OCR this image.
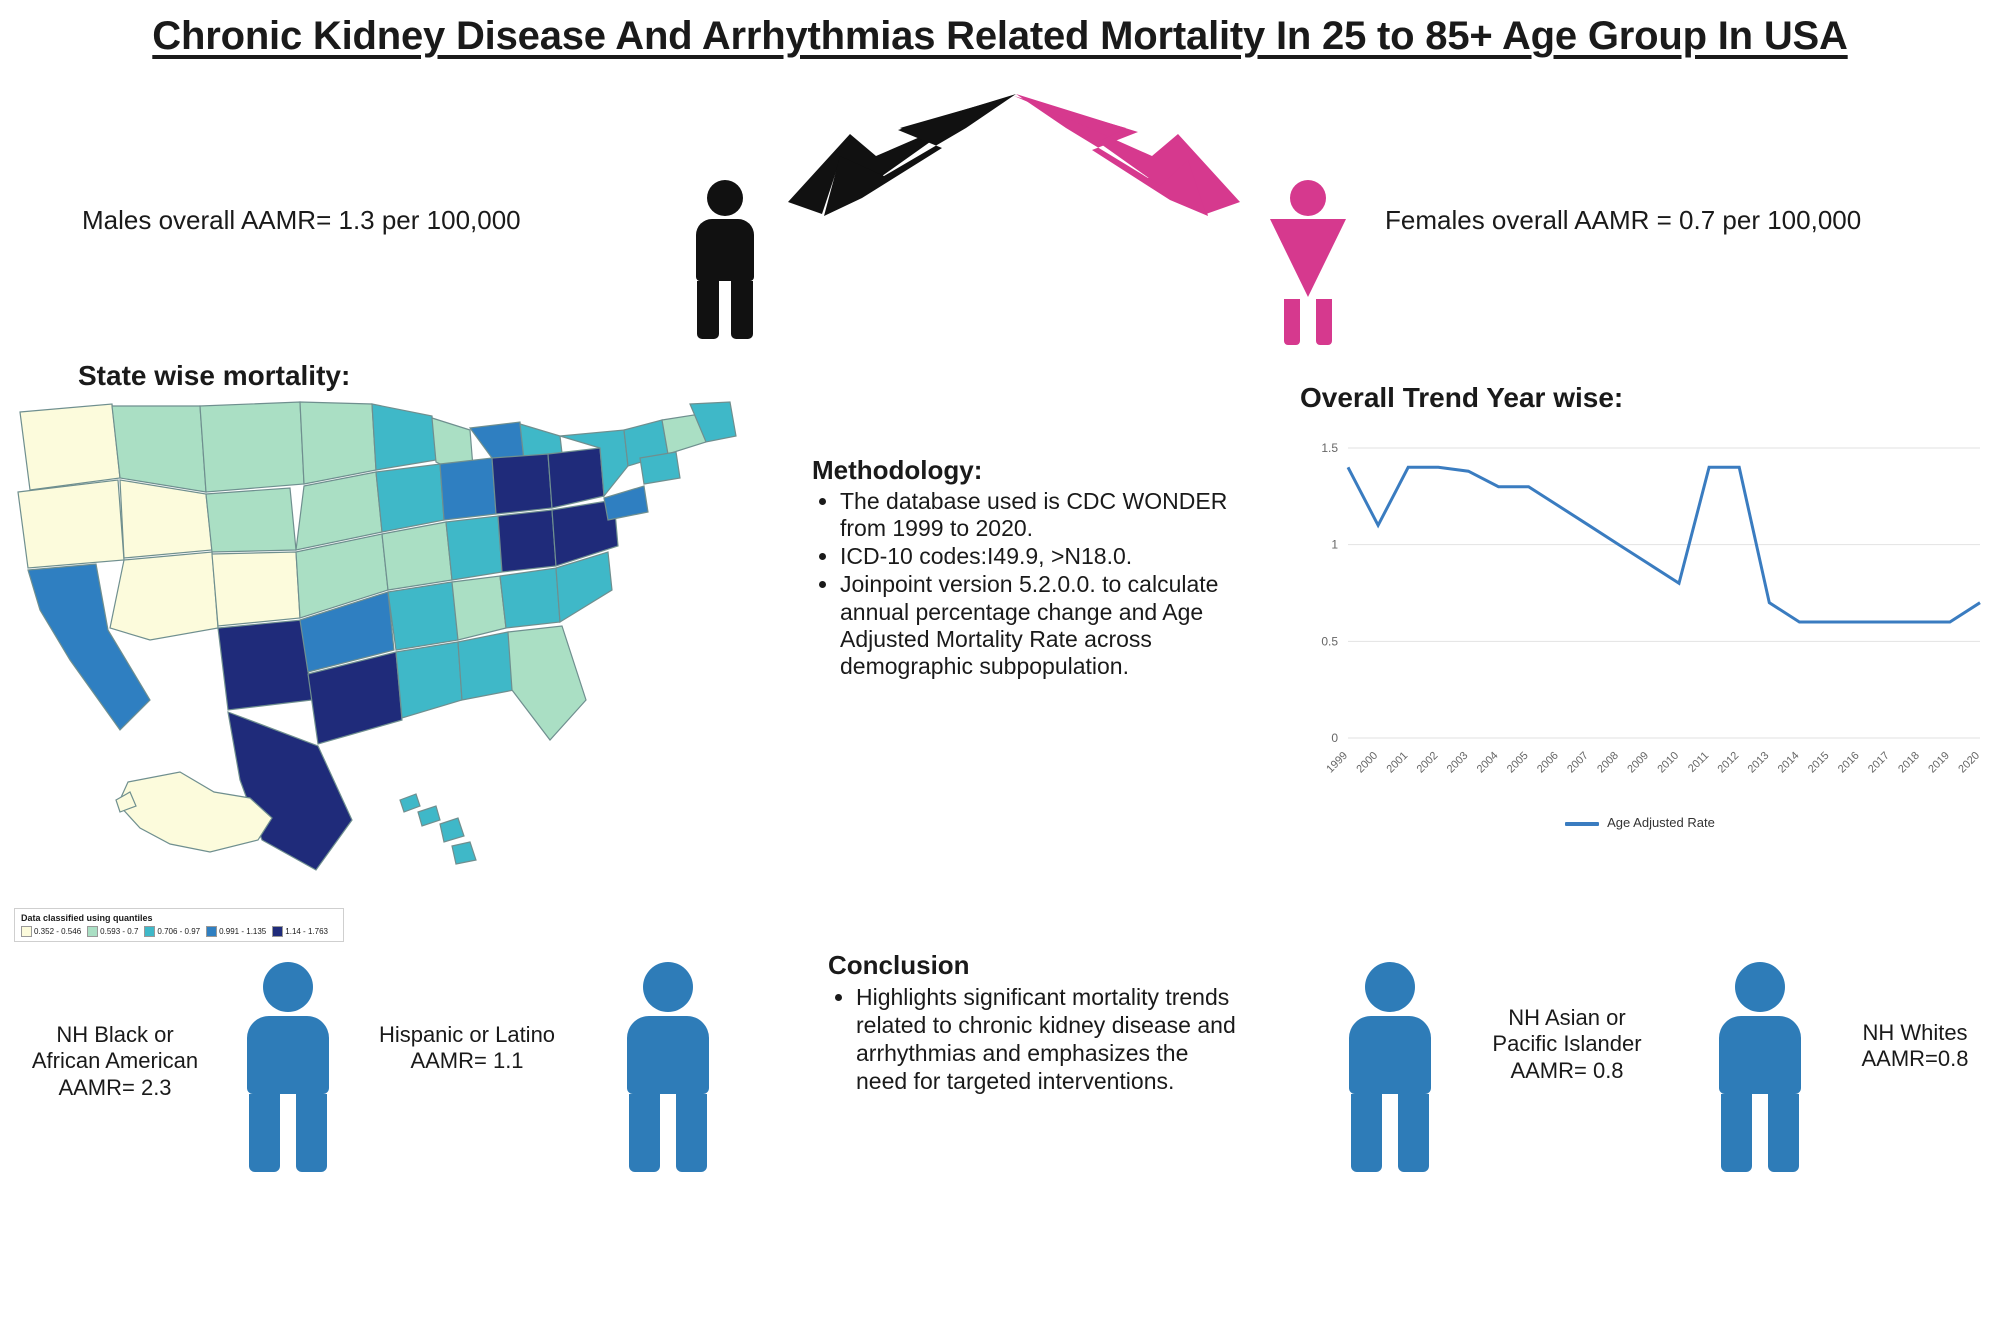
Chronic Kidney Disease And Arrhythmias Related Mortality In 25 to 85+ Age Group In USA
Males overall AAMR= 1.3 per 100,000	Females overall AAMR = 0.7 per 100,000
State wise mortality:
Data classified using quantiles
0.352 - 0.546 0.593 - 0.7 0.706 - 0.97 0.991 - 1.135 1.14 - 1.763
Methodology:
• The database used is CDC WONDER from 1999 to 2020.
• ICD-10 codes:I49.9, >N18.0.
• Joinpoint version 5.2.0.0. to calculate annual percentage change and Age Adjusted Mortality Rate across demographic subpopulation.
Conclusion
• Highlights significant mortality trends related to chronic kidney disease and arrhythmias and emphasizes the need for targeted interventions.
Overall Trend Year wise:
0
0.5
1
1.5
1999 2000 2001 2002 2003 2004 2005 2006 2007 2008 2009 2010 2011 2012 2013 2014 2015 2016 2017 2018 2019 2020
Age Adjusted Rate
NH Black or
African American
AAMR= 2.3
Hispanic or Latino
AAMR= 1.1
NH Asian or
Pacific Islander
AAMR= 0.8
NH Whites
AAMR=0.8
